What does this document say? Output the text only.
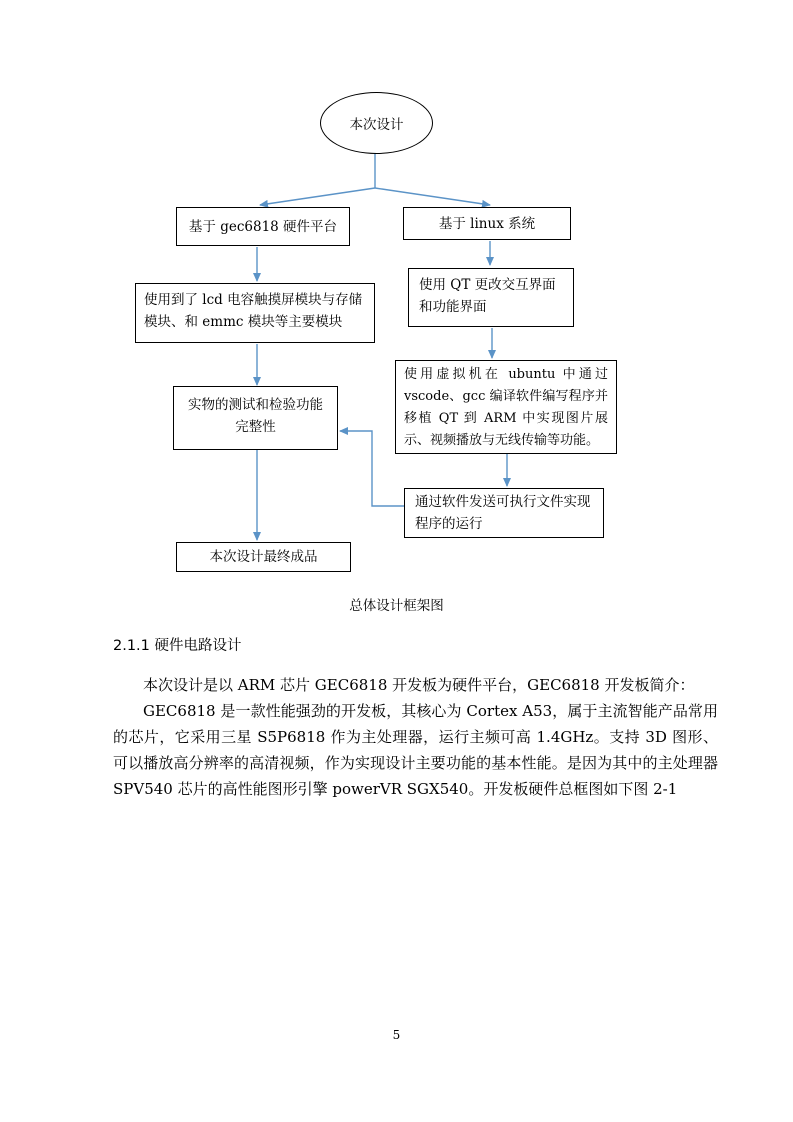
本次设计
基于 gec6818 硬件平台	基于 linux 系统
使用到了 lcd 电容触摸屏模块与存储模块、和 emmc 模块等主要模块
使用 QT 更改交互界面和功能界面
实物的测试和检验功能完整性
使用虚拟机在 ubuntu 中通过 vscode、gcc 编译软件编写程序并移植 QT 到 ARM 中实现图片展示、视频播放与无线传输等功能。
通过软件发送可执行文件实现程序的运行
本次设计最终成品
总体设计框架图
2.1.1 硬件电路设计

本次设计是以 ARM 芯片 GEC6818 开发板为硬件平台，GEC6818 开发板简介：

GEC6818 是一款性能强劲的开发板，其核心为 Cortex A53，属于主流智能产品常用的芯片，它采用三星 S5P6818 作为主处理器，运行主频可高 1.4GHz。支持 3D 图形、可以播放高分辨率的高清视频，作为实现设计主要功能的基本性能。是因为其中的主处理器 SPV540 芯片的高性能图形引擎 powerVR SGX540。开发板硬件总框图如下图 2-1

5
